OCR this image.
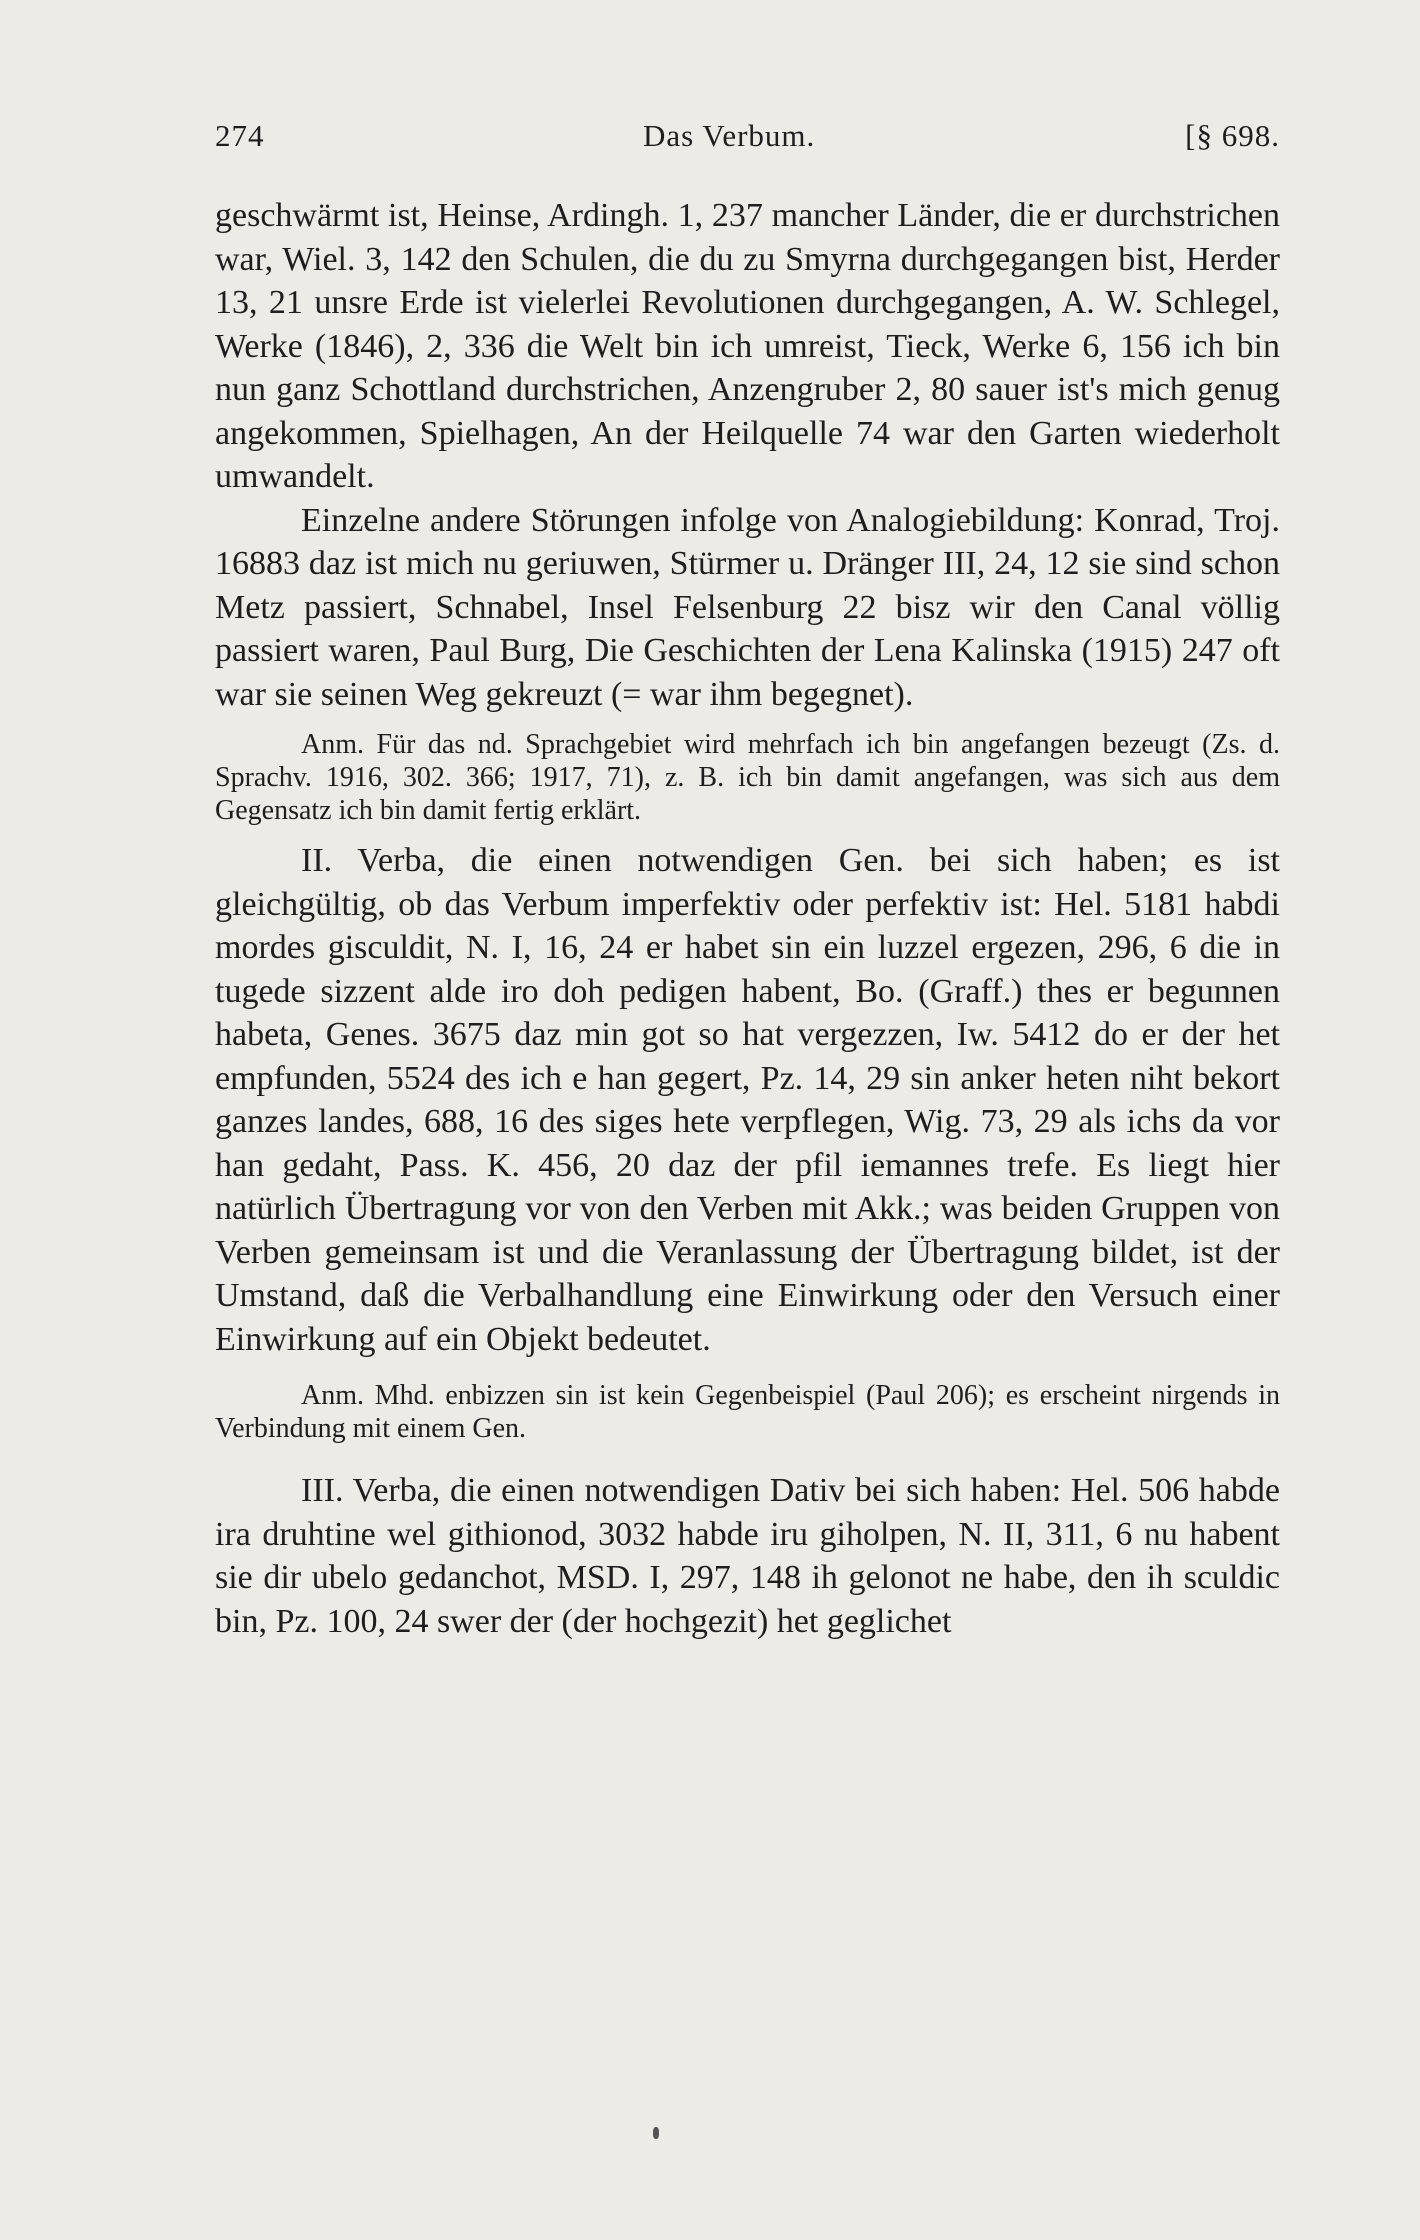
274	Das Verbum.	[§ 698.

geschwärmt ist, Heinse, Ardingh. 1, 237 mancher Länder, die er durchstrichen war, Wiel. 3, 142 den Schulen, die du zu Smyrna durchgegangen bist, Herder 13, 21 unsre Erde ist vielerlei Revolutionen durchgegangen, A. W. Schlegel, Werke (1846), 2, 336 die Welt bin ich umreist, Tieck, Werke 6, 156 ich bin nun ganz Schottland durchstrichen, Anzengruber 2, 80 sauer ist's mich genug angekommen, Spielhagen, An der Heilquelle 74 war den Garten wiederholt umwandelt.

Einzelne andere Störungen infolge von Analogiebildung: Konrad, Troj. 16883 daz ist mich nu geriuwen, Stürmer u. Dränger III, 24, 12 sie sind schon Metz passiert, Schnabel, Insel Felsenburg 22 bisz wir den Canal völlig passiert waren, Paul Burg, Die Geschichten der Lena Kalinska (1915) 247 oft war sie seinen Weg gekreuzt (= war ihm begegnet).

Anm. Für das nd. Sprachgebiet wird mehrfach ich bin angefangen bezeugt (Zs. d. Sprachv. 1916, 302. 366; 1917, 71), z. B. ich bin damit angefangen, was sich aus dem Gegensatz ich bin damit fertig erklärt.

II. Verba, die einen notwendigen Gen. bei sich haben; es ist gleichgültig, ob das Verbum imperfektiv oder perfektiv ist: Hel. 5181 habdi mordes gisculdit, N. I, 16, 24 er habet sin ein luzzel ergezen, 296, 6 die in tugede sizzent alde iro doh pedigen habent, Bo. (Graff.) thes er begunnen habeta, Genes. 3675 daz min got so hat vergezzen, Iw. 5412 do er der het empfunden, 5524 des ich e han gegert, Pz. 14, 29 sin anker heten niht bekort ganzes landes, 688, 16 des siges hete verpflegen, Wig. 73, 29 als ichs da vor han gedaht, Pass. K. 456, 20 daz der pfil iemannes trefe. Es liegt hier natürlich Übertragung vor von den Verben mit Akk.; was beiden Gruppen von Verben gemeinsam ist und die Veranlassung der Übertragung bildet, ist der Umstand, daß die Verbalhandlung eine Einwirkung oder den Versuch einer Einwirkung auf ein Objekt bedeutet.

Anm. Mhd. enbizzen sin ist kein Gegenbeispiel (Paul 206); es erscheint nirgends in Verbindung mit einem Gen.

III. Verba, die einen notwendigen Dativ bei sich haben: Hel. 506 habde ira druhtine wel githionod, 3032 habde iru giholpen, N. II, 311, 6 nu habent sie dir ubelo gedanchot, MSD. I, 297, 148 ih gelonot ne habe, den ih sculdic bin, Pz. 100, 24 swer der (der hochgezit) het geglichet
